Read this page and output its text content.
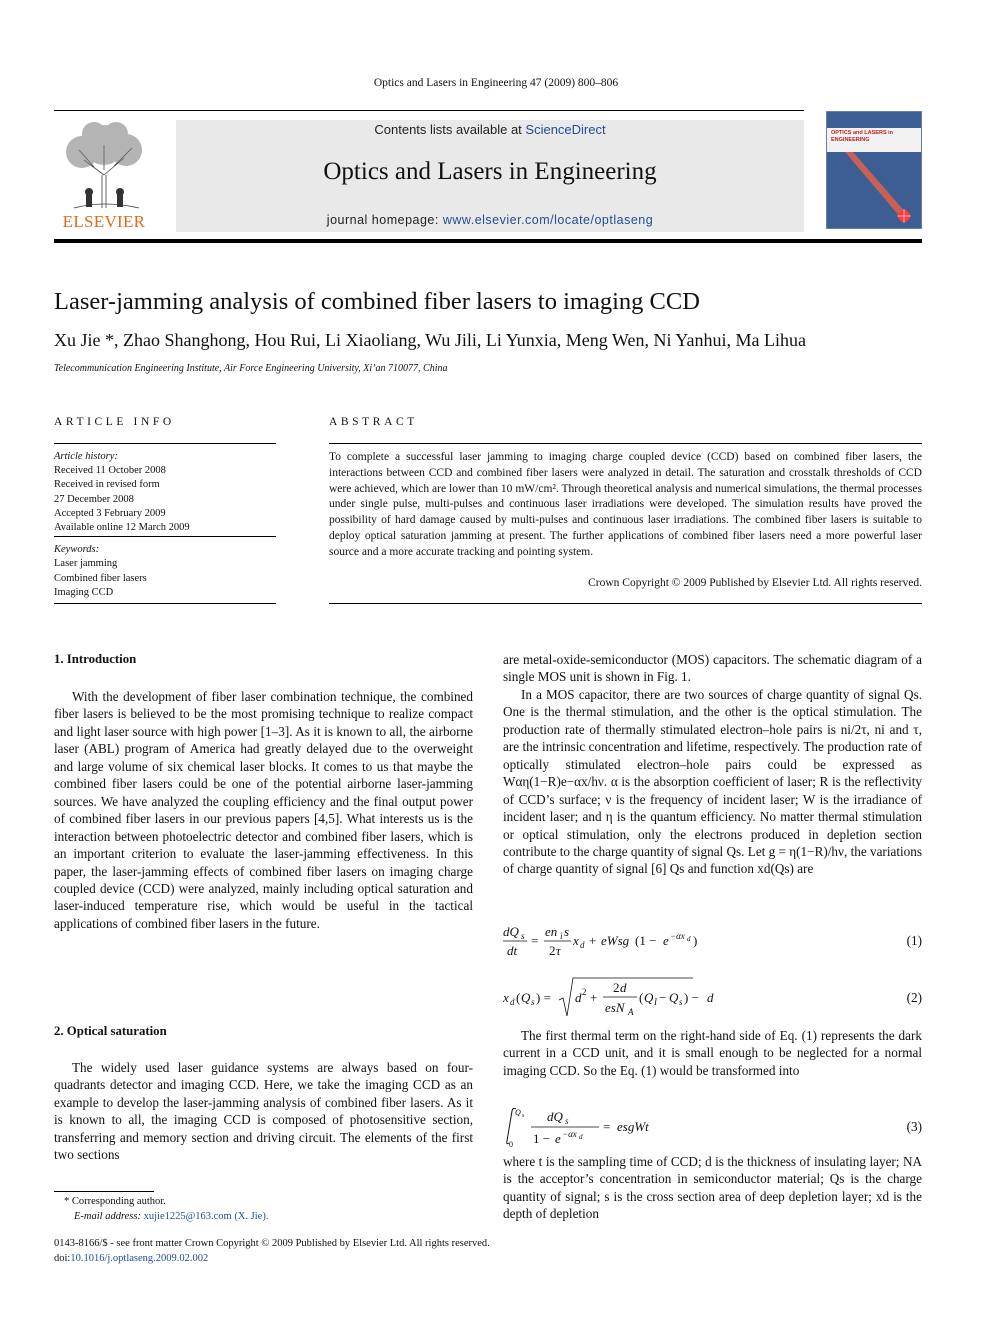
Optics and Lasers in Engineering 47 (2009) 800–806
ELSEVIER
Contents lists available at ScienceDirect
Optics and Lasers in Engineering
journal homepage: www.elsevier.com/locate/optlaseng
OPTICS and LASERS in ENGINEERING
Laser-jamming analysis of combined fiber lasers to imaging CCD
Xu Jie *, Zhao Shanghong, Hou Rui, Li Xiaoliang, Wu Jili, Li Yunxia, Meng Wen, Ni Yanhui, Ma Lihua
Telecommunication Engineering Institute, Air Force Engineering University, Xi’an 710077, China
ARTICLE INFO
Article history:
Received 11 October 2008
Received in revised form
27 December 2008
Accepted 3 February 2009
Available online 12 March 2009
Keywords:
Laser jamming
Combined fiber lasers
Imaging CCD
ABSTRACT
To complete a successful laser jamming to imaging charge coupled device (CCD) based on combined fiber lasers, the interactions between CCD and combined fiber lasers were analyzed in detail. The saturation and crosstalk thresholds of CCD were achieved, which are lower than 10 mW/cm². Through theoretical analysis and numerical simulations, the thermal processes under single pulse, multi-pulses and continuous laser irradiations were developed. The simulation results have proved the possibility of hard damage caused by multi-pulses and continuous laser irradiations. The combined fiber lasers is suitable to deploy optical saturation jamming at present. The further applications of combined fiber lasers need a more powerful laser source and a more accurate tracking and pointing system.
Crown Copyright © 2009 Published by Elsevier Ltd. All rights reserved.
1. Introduction

With the development of fiber laser combination technique, the combined fiber lasers is believed to be the most promising technique to realize compact and light laser source with high power [1–3]. As it is known to all, the airborne laser (ABL) program of America had greatly delayed due to the overweight and large volume of six chemical laser blocks. It comes to us that maybe the combined fiber lasers could be one of the potential airborne laser-jamming sources. We have analyzed the coupling efficiency and the final output power of combined fiber lasers in our previous papers [4,5]. What interests us is the interaction between photoelectric detector and combined fiber lasers, which is an important criterion to evaluate the laser-jamming effectiveness. In this paper, the laser-jamming effects of combined fiber lasers on imaging charge coupled device (CCD) were analyzed, mainly including optical saturation and laser-induced temperature rise, which would be useful in the tactical applications of combined fiber lasers in the future.

2. Optical saturation

The widely used laser guidance systems are always based on four-quadrants detector and imaging CCD. Here, we take the imaging CCD as an example to develop the laser-jamming analysis of combined fiber lasers. As it is known to all, the imaging CCD is composed of photosensitive section, transferring and memory section and driving circuit. The elements of the first two sections

are metal-oxide-semiconductor (MOS) capacitors. The schematic diagram of a single MOS unit is shown in Fig. 1.

In a MOS capacitor, there are two sources of charge quantity of signal Qs. One is the thermal stimulation, and the other is the optical stimulation. The production rate of thermally stimulated electron–hole pairs is ni/2τ, ni and τ, are the intrinsic concentration and lifetime, respectively. The production rate of optically stimulated electron–hole pairs could be expressed as Wαη(1−R)e−αx/hν. α is the absorption coefficient of laser; R is the reflectivity of CCD’s surface; ν is the frequency of incident laser; W is the irradiance of incident laser; and η is the quantum efficiency. No matter thermal stimulation or optical stimulation, only the electrons produced in depletion section contribute to the charge quantity of signal Qs. Let g = η(1−R)/hν, the variations of charge quantity of signal [6] Qs and function xd(Qs) are

dQ s
dt
=
en i s
2 τ
x d + eWsg (1 − e −αx d )	(1)
x d ( Q s ) = d 2 +
2 d
esN A
( Q I − Q s ) − d	(2)

The first thermal term on the right-hand side of Eq. (1) represents the dark current in a CCD unit, and it is small enough to be neglected for a normal imaging CCD. So the Eq. (1) would be transformed into

Q s
0
dQ s
1 − e −αx d
= esgWt	(3)

where t is the sampling time of CCD; d is the thickness of insulating layer; NA is the acceptor’s concentration in semiconductor material; Qs is the charge quantity of signal; s is the cross section area of deep depletion layer; xd is the depth of depletion

* Corresponding author.
E-mail address: xujie1225@163.com (X. Jie).
0143-8166/$ - see front matter Crown Copyright © 2009 Published by Elsevier Ltd. All rights reserved.
doi:10.1016/j.optlaseng.2009.02.002
